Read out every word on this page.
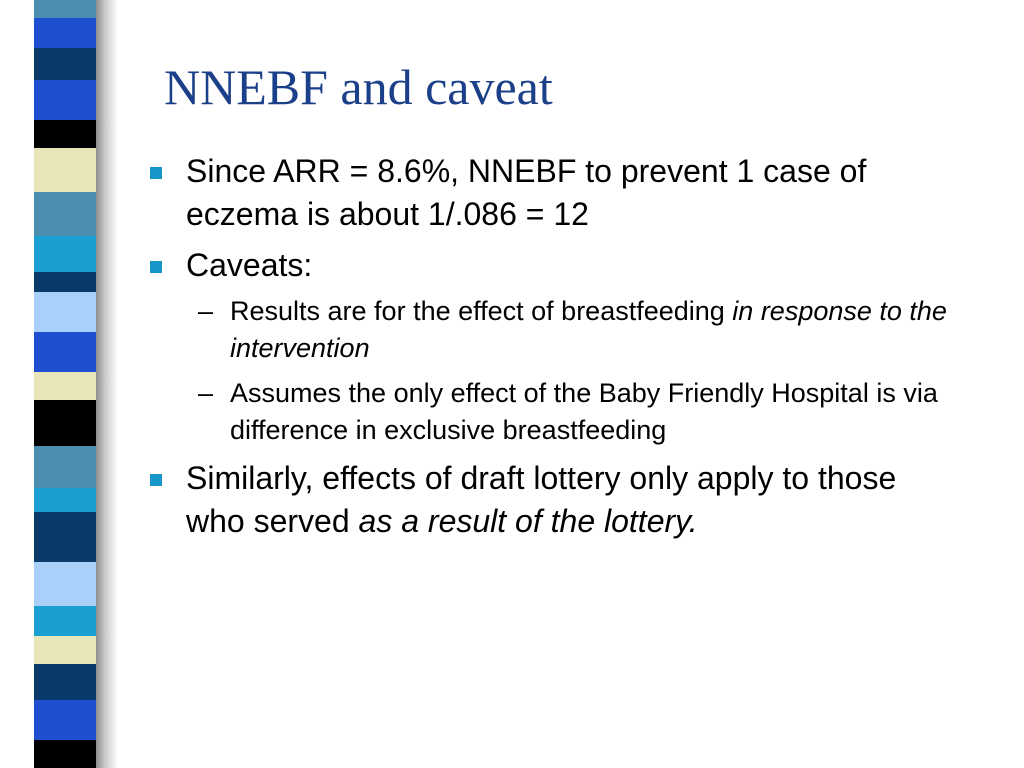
NNEBF and caveat
Since ARR = 8.6%, NNEBF to prevent 1 case of eczema is about 1/.086 = 12
Caveats:
– Results are for the effect of breastfeeding in response to the intervention
– Assumes the only effect of the Baby Friendly Hospital is via difference in exclusive breastfeeding
Similarly, effects of draft lottery only apply to those who served as a result of the lottery.
